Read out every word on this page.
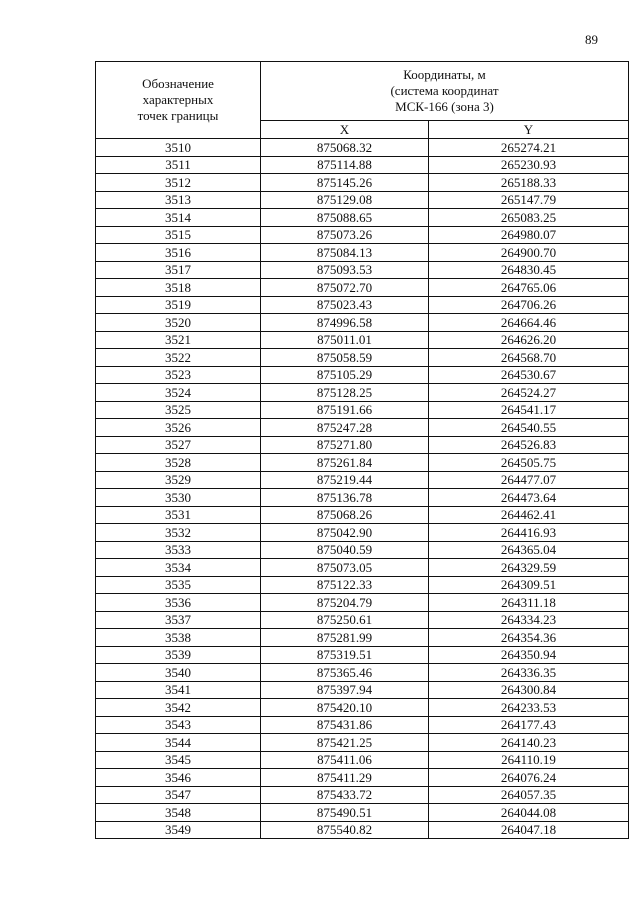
89
Обозначение
характерных
точек границы	Координаты, м
(система координат
МСК-166 (зона 3)	
	X	Y
3510	875068.32	265274.21
3511	875114.88	265230.93
3512	875145.26	265188.33
3513	875129.08	265147.79
3514	875088.65	265083.25
3515	875073.26	264980.07
3516	875084.13	264900.70
3517	875093.53	264830.45
3518	875072.70	264765.06
3519	875023.43	264706.26
3520	874996.58	264664.46
3521	875011.01	264626.20
3522	875058.59	264568.70
3523	875105.29	264530.67
3524	875128.25	264524.27
3525	875191.66	264541.17
3526	875247.28	264540.55
3527	875271.80	264526.83
3528	875261.84	264505.75
3529	875219.44	264477.07
3530	875136.78	264473.64
3531	875068.26	264462.41
3532	875042.90	264416.93
3533	875040.59	264365.04
3534	875073.05	264329.59
3535	875122.33	264309.51
3536	875204.79	264311.18
3537	875250.61	264334.23
3538	875281.99	264354.36
3539	875319.51	264350.94
3540	875365.46	264336.35
3541	875397.94	264300.84
3542	875420.10	264233.53
3543	875431.86	264177.43
3544	875421.25	264140.23
3545	875411.06	264110.19
3546	875411.29	264076.24
3547	875433.72	264057.35
3548	875490.51	264044.08
3549	875540.82	264047.18
